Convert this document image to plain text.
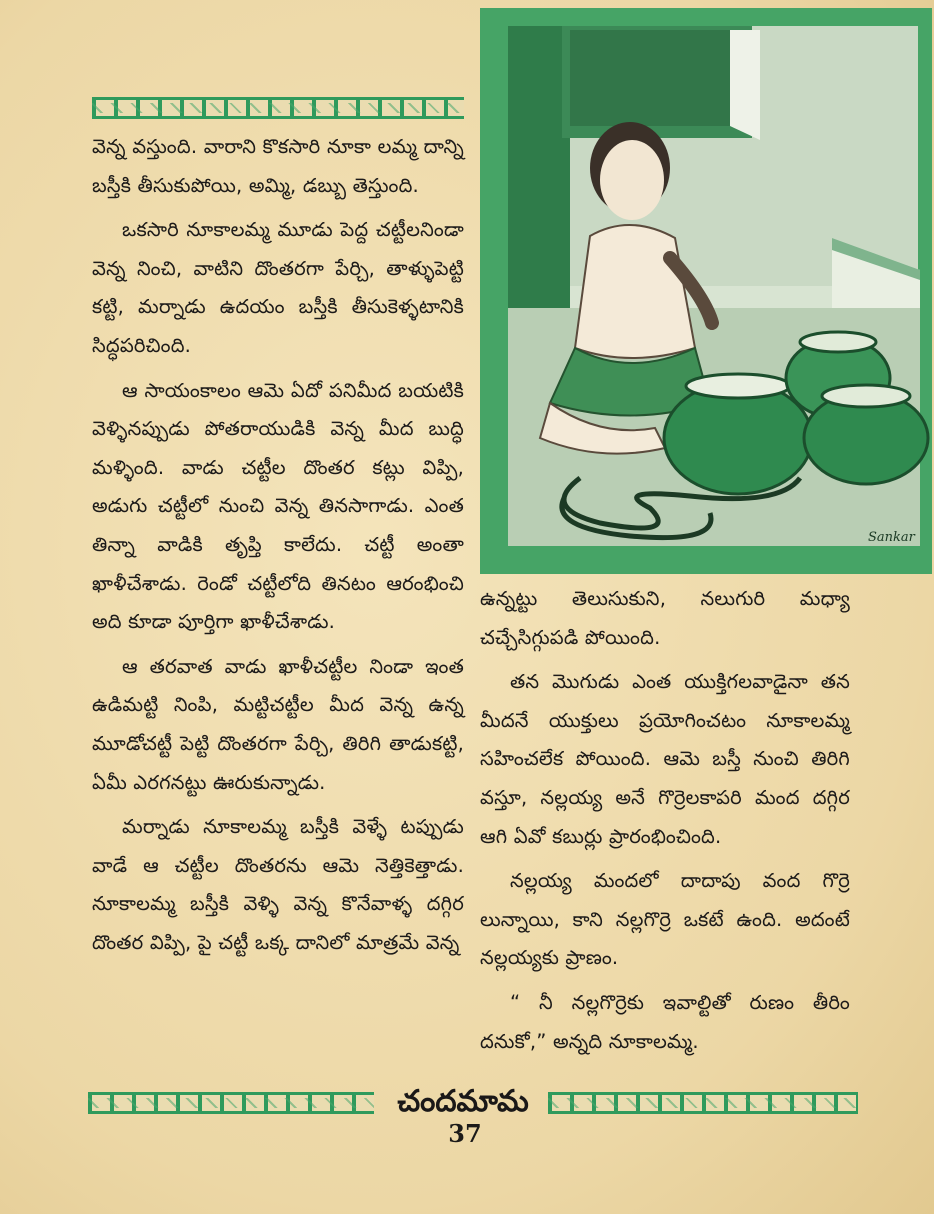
వెన్న వస్తుంది. వారాని కొకసారి నూకా లమ్మ దాన్ని బస్తీకి తీసుకుపోయి, అమ్మి, డబ్బు తెస్తుంది.

ఒకసారి నూకాలమ్మ మూడు పెద్ద చట్టీలనిండా వెన్న నించి, వాటిని దొంతరగా పేర్చి, తాళ్ళుపెట్టి కట్టి, మర్నాడు ఉదయం బస్తీకి తీసుకెళ్ళటానికి సిద్ధపరిచింది.

ఆ సాయంకాలం ఆమె ఏదో పనిమీద బయటికి వెళ్ళినప్పుడు పోతరాయుడికి వెన్న మీద బుద్ధి మళ్ళింది. వాడు చట్టీల దొంతర కట్లు విప్పి, అడుగు చట్టీలో నుంచి వెన్న తినసాగాడు. ఎంత తిన్నా వాడికి తృప్తి కాలేదు. చట్టీ అంతా ఖాళీచేశాడు. రెండో చట్టీలోది తినటం ఆరంభించి అది కూడా పూర్తిగా ఖాళీచేశాడు.

ఆ తరవాత వాడు ఖాళీచట్టీల నిండా ఇంత ఉడిమట్టి నింపి, మట్టిచట్టీల మీద వెన్న ఉన్న మూడోచట్టీ పెట్టి దొంతరగా పేర్చి, తిరిగి తాడుకట్టి, ఏమీ ఎరగనట్టు ఊరుకున్నాడు.

మర్నాడు నూకాలమ్మ బస్తీకి వెళ్ళే టప్పుడు వాడే ఆ చట్టీల దొంతరను ఆమె నెత్తికెత్తాడు. నూకాలమ్మ బస్తీకి వెళ్ళి వెన్న కొనేవాళ్ళ దగ్గిర దొంతర విప్పి, పై చట్టీ ఒక్క దానిలో మాత్రమే వెన్న

Sankar

ఉన్నట్టు తెలుసుకుని, నలుగురి మధ్యా చచ్చేసిగ్గుపడి పోయింది.

తన మొగుడు ఎంత యుక్తిగలవాడైనా తన మీదనే యుక్తులు ప్రయోగించటం నూకాలమ్మ సహించలేక పోయింది. ఆమె బస్తీ నుంచి తిరిగి వస్తూ, నల్లయ్య అనే గొర్రెలకాపరి మంద దగ్గిర ఆగి ఏవో కబుర్లు ప్రారంభించింది.

నల్లయ్య మందలో దాదాపు వంద గొర్రె లున్నాయి, కాని నల్లగొర్రె ఒకటే ఉంది. అదంటే నల్లయ్యకు ప్రాణం.

“ నీ నల్లగొర్రెకు ఇవాల్టితో రుణం తీరిం దనుకో,” అన్నది నూకాలమ్మ.

చందమామ
37
